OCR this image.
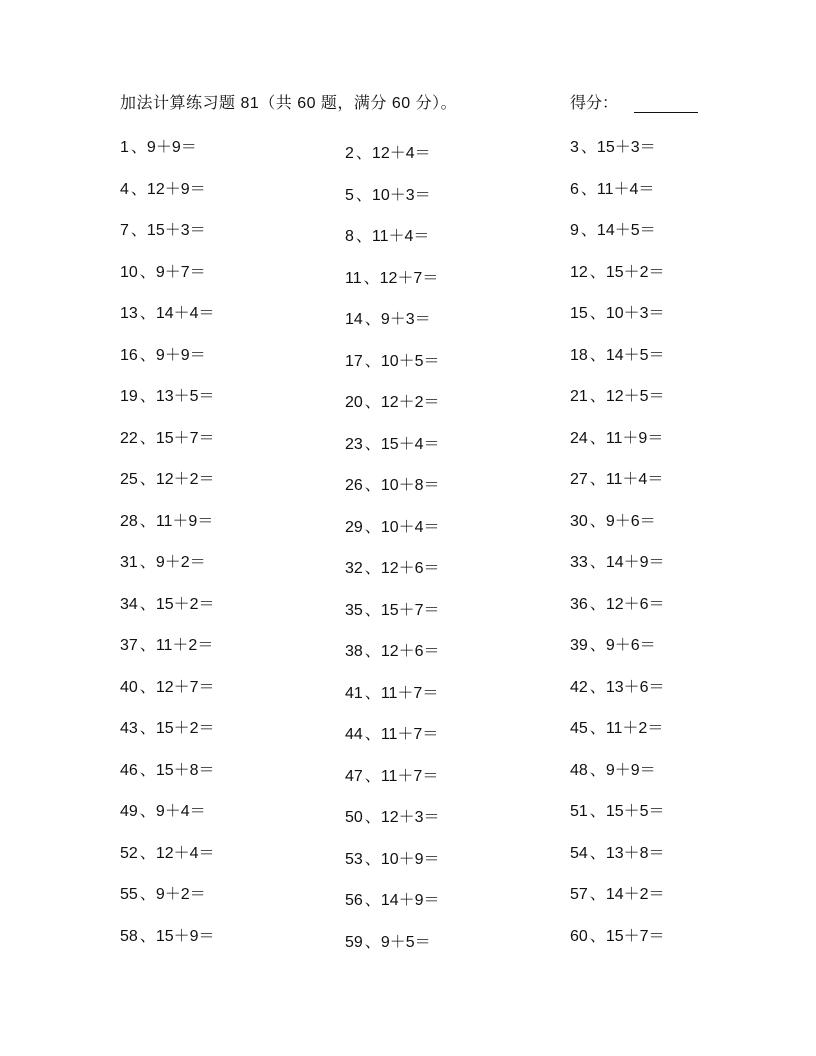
加法计算练习题 81（共 60 题，满分 60 分）。	得分：
1 、9＋9＝	2 、12＋4＝	3 、15＋3＝
4 、12＋9＝	5 、10＋3＝	6 、11＋4＝
7 、15＋3＝	8 、11＋4＝	9 、14＋5＝
10 、9＋7＝	11 、12＋7＝	12 、15＋2＝
13 、14＋4＝	14 、9＋3＝	15 、10＋3＝
16 、9＋9＝	17 、10＋5＝	18 、14＋5＝
19 、13＋5＝	20 、12＋2＝	21 、12＋5＝
22 、15＋7＝	23 、15＋4＝	24 、11＋9＝
25 、12＋2＝	26 、10＋8＝	27 、11＋4＝
28 、11＋9＝	29 、10＋4＝	30 、9＋6＝
31 、9＋2＝	32 、12＋6＝	33 、14＋9＝
34 、15＋2＝	35 、15＋7＝	36 、12＋6＝
37 、11＋2＝	38 、12＋6＝	39 、9＋6＝
40 、12＋7＝	41 、11＋7＝	42 、13＋6＝
43 、15＋2＝	44 、11＋7＝	45 、11＋2＝
46 、15＋8＝	47 、11＋7＝	48 、9＋9＝
49 、9＋4＝	50 、12＋3＝	51 、15＋5＝
52 、12＋4＝	53 、10＋9＝	54 、13＋8＝
55 、9＋2＝	56 、14＋9＝	57 、14＋2＝
58 、15＋9＝	59 、9＋5＝	60 、15＋7＝
